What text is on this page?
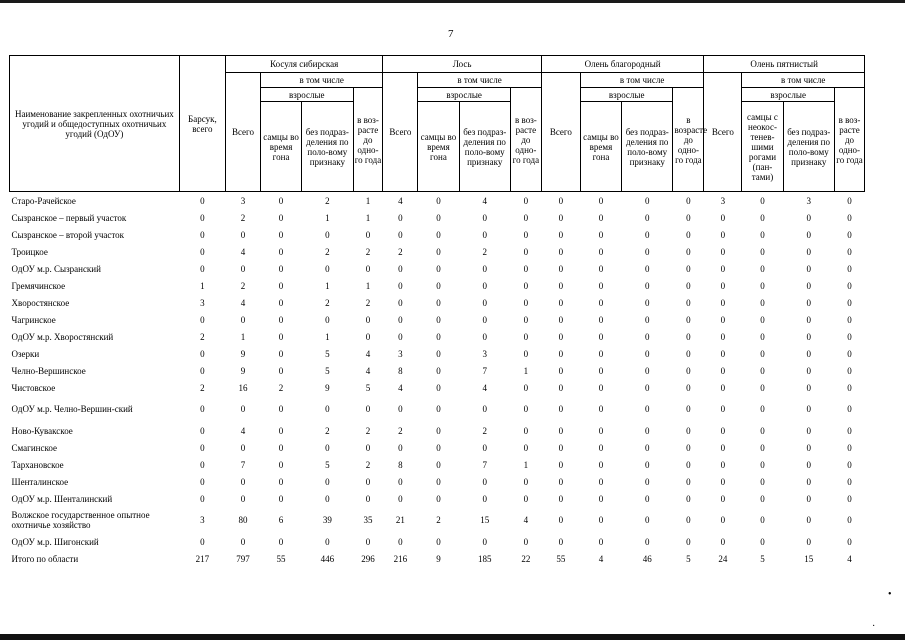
7
Наименование закрепленных охотничьих угодий и общедоступных охотничьих угодий (ОдОУ)	Барсук, всего	Косуля сибирская				Лось				Олень благородный				Олень пятнистый			
		Всего	в том числе			Всего	в том числе			Всего	в том числе			Всего	в том числе		
			взрослые		в воз-расте до одно-го года		взрослые		в воз-расте до одно-го года		взрослые		в возрасте до одно-го года		взрослые		в воз-расте до одно-го года
			самцы во время гона	без подраз-деления по поло-вому признаку			самцы во время гона	без подраз-деления по поло-вому признаку			самцы во время гона	без подраз-деления по поло-вому признаку			самцы с неокос-тенев-шими рогами (пан-тами)	без подраз-деления по поло-вому признаку	
Старо-Рачейское	0	3	0	2	1	4	0	4	0	0	0	0	0	3	0	3	0
Сызранское – первый участок	0	2	0	1	1	0	0	0	0	0	0	0	0	0	0	0	0
Сызранское – второй участок	0	0	0	0	0	0	0	0	0	0	0	0	0	0	0	0	0
Троицкое	0	4	0	2	2	2	0	2	0	0	0	0	0	0	0	0	0
ОдОУ м.р. Сызранский	0	0	0	0	0	0	0	0	0	0	0	0	0	0	0	0	0
Гремячинское	1	2	0	1	1	0	0	0	0	0	0	0	0	0	0	0	0
Хворостянское	3	4	0	2	2	0	0	0	0	0	0	0	0	0	0	0	0
Чагринское	0	0	0	0	0	0	0	0	0	0	0	0	0	0	0	0	0
ОдОУ м.р. Хворостянский	2	1	0	1	0	0	0	0	0	0	0	0	0	0	0	0	0
Озерки	0	9	0	5	4	3	0	3	0	0	0	0	0	0	0	0	0
Челно-Вершинское	0	9	0	5	4	8	0	7	1	0	0	0	0	0	0	0	0
Чистовское	2	16	2	9	5	4	0	4	0	0	0	0	0	0	0	0	0
ОдОУ м.р. Челно-Вершин-ский	0	0	0	0	0	0	0	0	0	0	0	0	0	0	0	0	0
Ново-Кувакское	0	4	0	2	2	2	0	2	0	0	0	0	0	0	0	0	0
Смагинское	0	0	0	0	0	0	0	0	0	0	0	0	0	0	0	0	0
Тархановское	0	7	0	5	2	8	0	7	1	0	0	0	0	0	0	0	0
Шенталинское	0	0	0	0	0	0	0	0	0	0	0	0	0	0	0	0	0
ОдОУ м.р. Шенталинский	0	0	0	0	0	0	0	0	0	0	0	0	0	0	0	0	0
Волжское государственное опытное охотничье хозяйство	3	80	6	39	35	21	2	15	4	0	0	0	0	0	0	0	0
ОдОУ м.р. Шигонский	0	0	0	0	0	0	0	0	0	0	0	0	0	0	0	0	0
Итого по области	217	797	55	446	296	216	9	185	22	55	4	46	5	24	5	15	4
•
·
